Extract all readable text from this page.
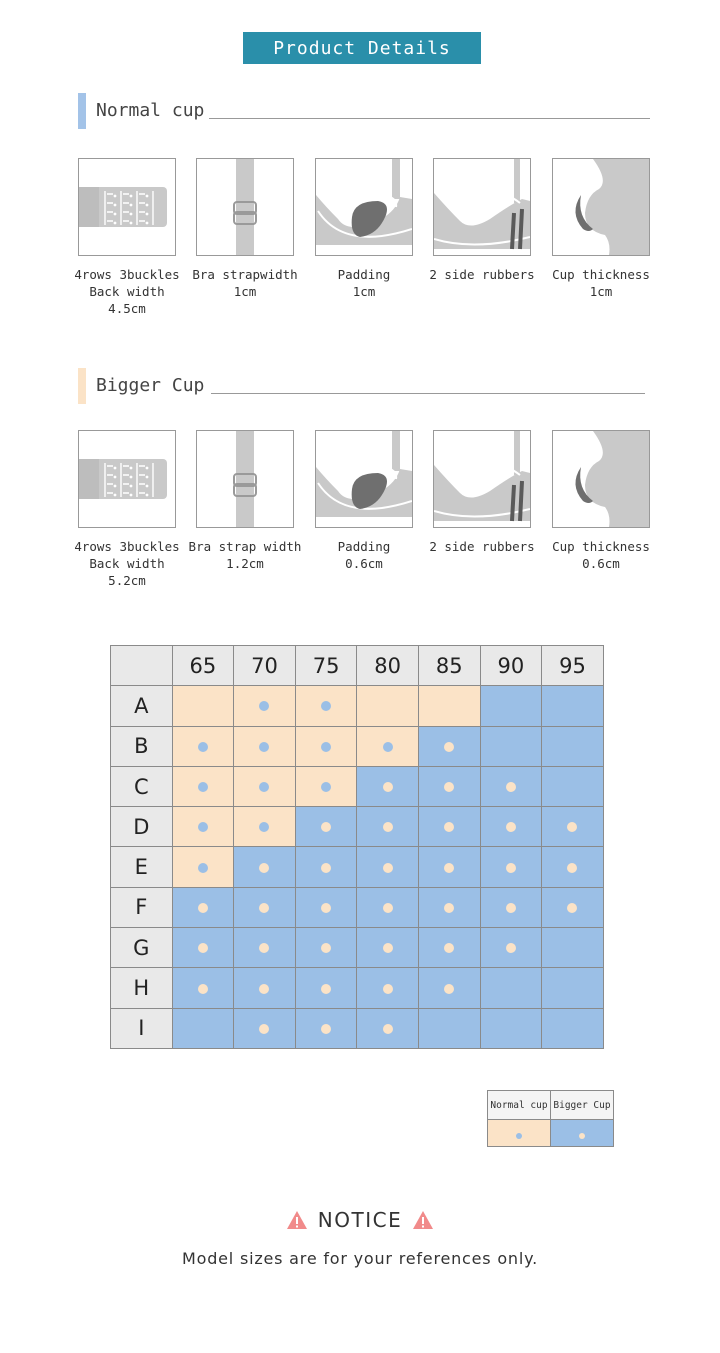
Product Details
Normal cup
4rows 3buckles
Back width
4.5cm
Bra strapwidth
1cm
Padding
1cm
2 side rubbers	Cup thickness
1cm
Bigger Cup
4rows 3buckles
Back width
5.2cm
Bra strap width
1.2cm
Padding
0.6cm
2 side rubbers	Cup thickness
0.6cm
	65	70	75	80	85	90	95
A							
B							
C							
D							
E							
F							
G							
H							
I							
Normal cup	Bigger Cup

NOTICE
Model sizes are for your references only.
